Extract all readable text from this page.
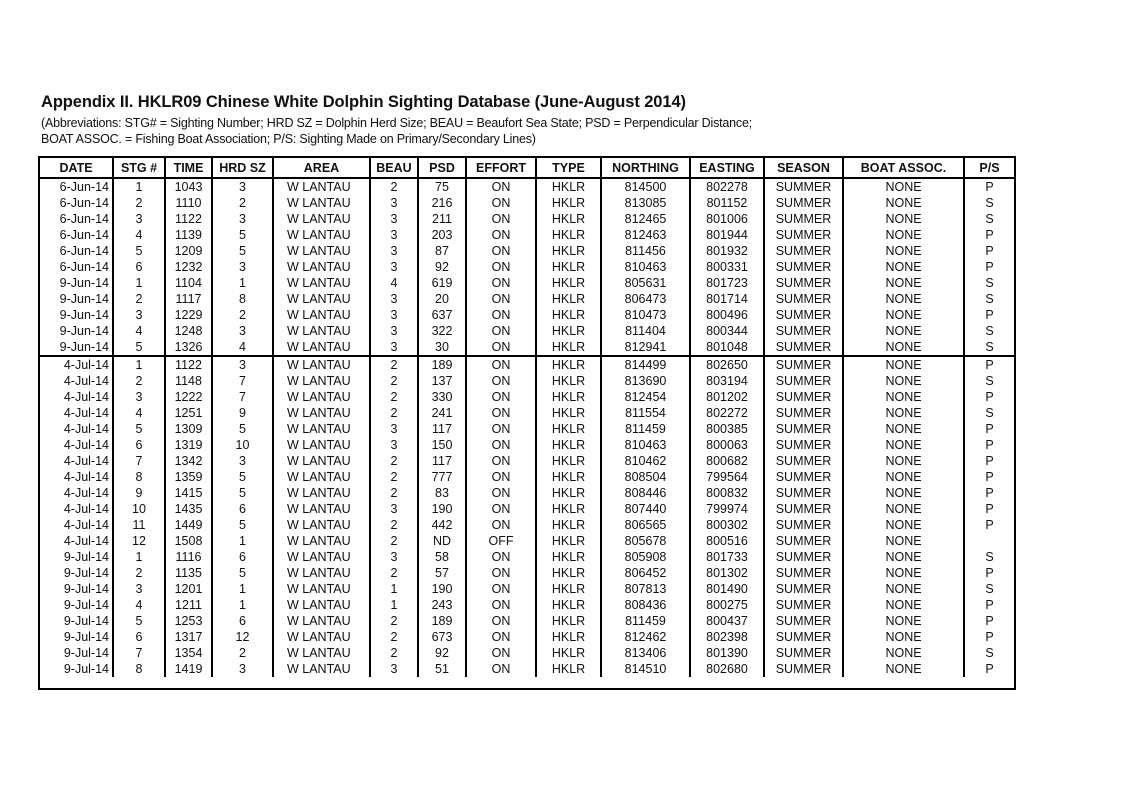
Appendix II. HKLR09 Chinese White Dolphin Sighting Database (June-August 2014)
(Abbreviations: STG# = Sighting Number; HRD SZ = Dolphin Herd Size; BEAU = Beaufort Sea State; PSD = Perpendicular Distance;
BOAT ASSOC. = Fishing Boat Association; P/S: Sighting Made on Primary/Secondary Lines)
DATE	STG #	TIME	HRD SZ	AREA	BEAU	PSD	EFFORT	TYPE	NORTHING	EASTING	SEASON	BOAT ASSOC.	P/S
6-Jun-14	1	1043	3	W LANTAU	2	75	ON	HKLR	814500	802278	SUMMER	NONE	P
6-Jun-14	2	1110	2	W LANTAU	3	216	ON	HKLR	813085	801152	SUMMER	NONE	S
6-Jun-14	3	1122	3	W LANTAU	3	211	ON	HKLR	812465	801006	SUMMER	NONE	S
6-Jun-14	4	1139	5	W LANTAU	3	203	ON	HKLR	812463	801944	SUMMER	NONE	P
6-Jun-14	5	1209	5	W LANTAU	3	87	ON	HKLR	811456	801932	SUMMER	NONE	P
6-Jun-14	6	1232	3	W LANTAU	3	92	ON	HKLR	810463	800331	SUMMER	NONE	P
9-Jun-14	1	1104	1	W LANTAU	4	619	ON	HKLR	805631	801723	SUMMER	NONE	S
9-Jun-14	2	1117	8	W LANTAU	3	20	ON	HKLR	806473	801714	SUMMER	NONE	S
9-Jun-14	3	1229	2	W LANTAU	3	637	ON	HKLR	810473	800496	SUMMER	NONE	P
9-Jun-14	4	1248	3	W LANTAU	3	322	ON	HKLR	811404	800344	SUMMER	NONE	S
9-Jun-14	5	1326	4	W LANTAU	3	30	ON	HKLR	812941	801048	SUMMER	NONE	S
4-Jul-14	1	1122	3	W LANTAU	2	189	ON	HKLR	814499	802650	SUMMER	NONE	P
4-Jul-14	2	1148	7	W LANTAU	2	137	ON	HKLR	813690	803194	SUMMER	NONE	S
4-Jul-14	3	1222	7	W LANTAU	2	330	ON	HKLR	812454	801202	SUMMER	NONE	P
4-Jul-14	4	1251	9	W LANTAU	2	241	ON	HKLR	811554	802272	SUMMER	NONE	S
4-Jul-14	5	1309	5	W LANTAU	3	117	ON	HKLR	811459	800385	SUMMER	NONE	P
4-Jul-14	6	1319	10	W LANTAU	3	150	ON	HKLR	810463	800063	SUMMER	NONE	P
4-Jul-14	7	1342	3	W LANTAU	2	117	ON	HKLR	810462	800682	SUMMER	NONE	P
4-Jul-14	8	1359	5	W LANTAU	2	777	ON	HKLR	808504	799564	SUMMER	NONE	P
4-Jul-14	9	1415	5	W LANTAU	2	83	ON	HKLR	808446	800832	SUMMER	NONE	P
4-Jul-14	10	1435	6	W LANTAU	3	190	ON	HKLR	807440	799974	SUMMER	NONE	P
4-Jul-14	11	1449	5	W LANTAU	2	442	ON	HKLR	806565	800302	SUMMER	NONE	P
4-Jul-14	12	1508	1	W LANTAU	2	ND	OFF	HKLR	805678	800516	SUMMER	NONE	
9-Jul-14	1	1116	6	W LANTAU	3	58	ON	HKLR	805908	801733	SUMMER	NONE	S
9-Jul-14	2	1135	5	W LANTAU	2	57	ON	HKLR	806452	801302	SUMMER	NONE	P
9-Jul-14	3	1201	1	W LANTAU	1	190	ON	HKLR	807813	801490	SUMMER	NONE	S
9-Jul-14	4	1211	1	W LANTAU	1	243	ON	HKLR	808436	800275	SUMMER	NONE	P
9-Jul-14	5	1253	6	W LANTAU	2	189	ON	HKLR	811459	800437	SUMMER	NONE	P
9-Jul-14	6	1317	12	W LANTAU	2	673	ON	HKLR	812462	802398	SUMMER	NONE	P
9-Jul-14	7	1354	2	W LANTAU	2	92	ON	HKLR	813406	801390	SUMMER	NONE	S
9-Jul-14	8	1419	3	W LANTAU	3	51	ON	HKLR	814510	802680	SUMMER	NONE	P
